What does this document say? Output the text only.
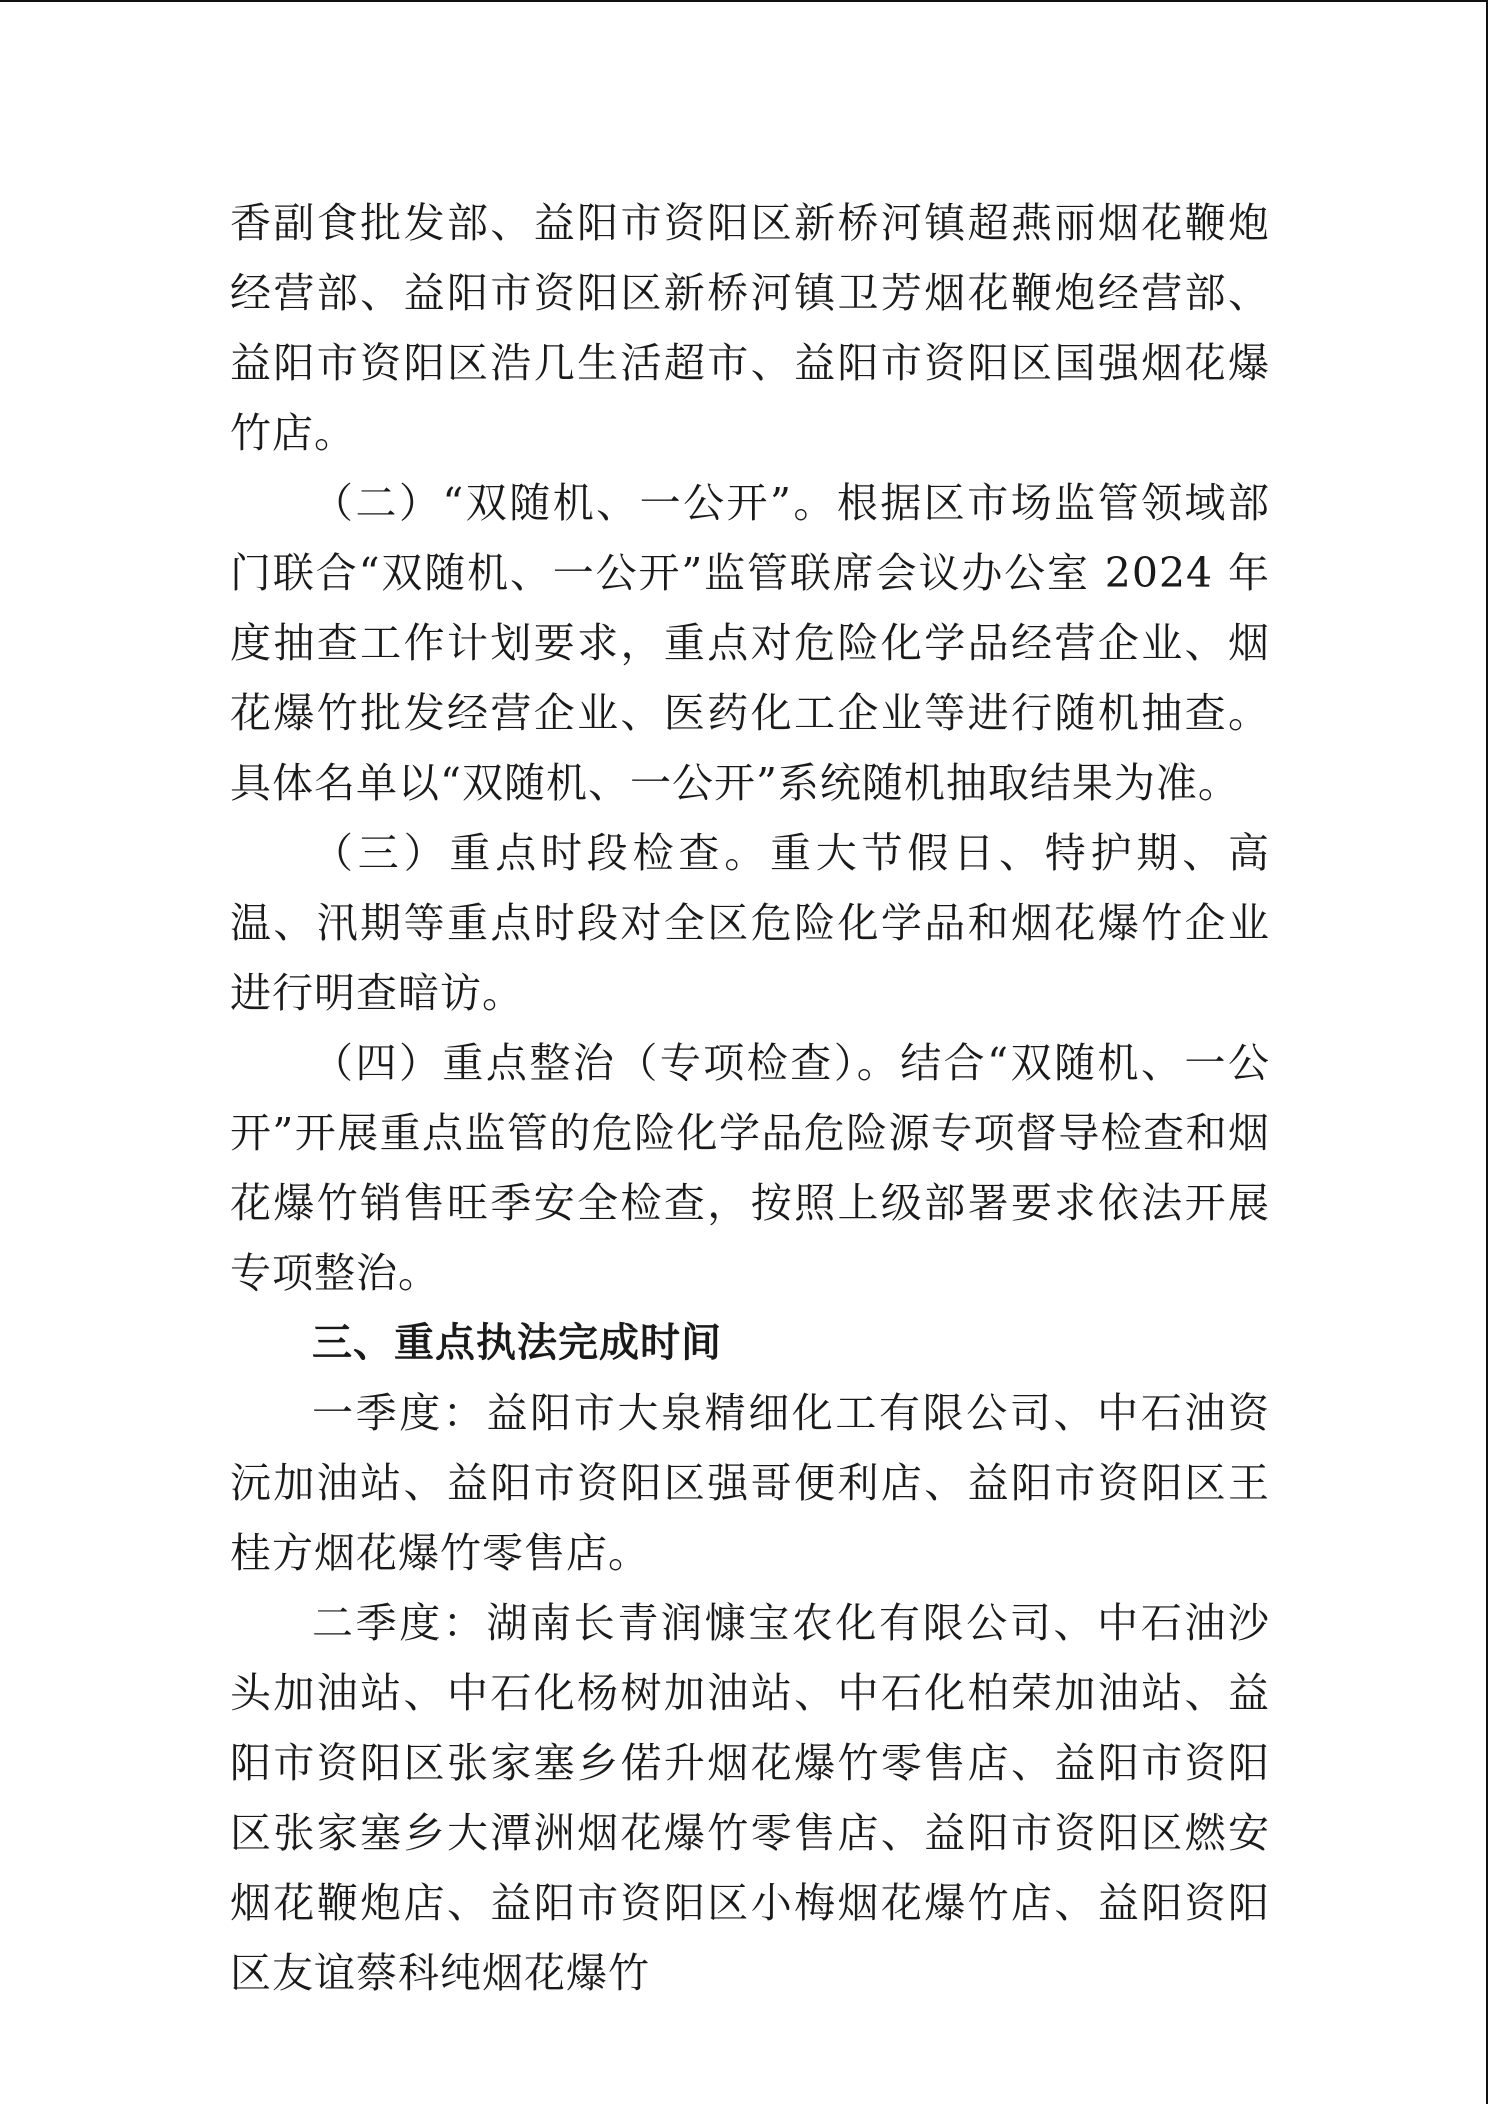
香副食批发部、益阳市资阳区新桥河镇超燕丽烟花鞭炮经营部、益阳市资阳区新桥河镇卫芳烟花鞭炮经营部、益阳市资阳区浩几生活超市、益阳市资阳区国强烟花爆竹店。

（二）“双随机、一公开”。根据区市场监管领域部门联合“双随机、一公开”监管联席会议办公室 2024 年度抽查工作计划要求，重点对危险化学品经营企业、烟花爆竹批发经营企业、医药化工企业等进行随机抽查。具体名单以“双随机、一公开”系统随机抽取结果为准。

（三）重点时段检查。重大节假日、特护期、高温、汛期等重点时段对全区危险化学品和烟花爆竹企业进行明查暗访。

（四）重点整治（专项检查）。结合“双随机、一公开”开展重点监管的危险化学品危险源专项督导检查和烟花爆竹销售旺季安全检查，按照上级部署要求依法开展专项整治。

三、重点执法完成时间

一季度：益阳市大泉精细化工有限公司、中石油资沅加油站、益阳市资阳区强哥便利店、益阳市资阳区王桂方烟花爆竹零售店。

二季度：湖南长青润慷宝农化有限公司、中石油沙头加油站、中石化杨树加油站、中石化柏荣加油站、益阳市资阳区张家塞乡偌升烟花爆竹零售店、益阳市资阳区张家塞乡大潭洲烟花爆竹零售店、益阳市资阳区燃安烟花鞭炮店、益阳市资阳区小梅烟花爆竹店、益阳资阳区友谊蔡科纯烟花爆竹
